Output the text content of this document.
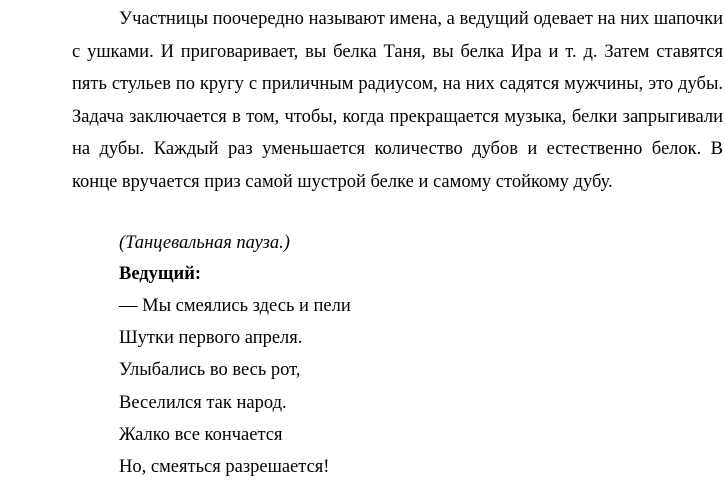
Участницы поочередно называют имена, а ведущий одевает на них шапочки с ушками. И приговаривает, вы белка Таня, вы белка Ира и т. д. Затем ставятся пять стульев по кругу с приличным радиусом, на них садятся мужчины, это дубы. Задача заключается в том, чтобы, когда прекращается музыка, белки запрыгивали на дубы. Каждый раз уменьшается количество дубов и естественно белок. В конце вручается приз самой шустрой белке и самому стойкому дубу.

(Танцевальная пауза.)

Ведущий:

— Мы смеялись здесь и пели

Шутки первого апреля.

Улыбались во весь рот,

Веселился так народ.

Жалко все кончается

Но, смеяться разрешается!
